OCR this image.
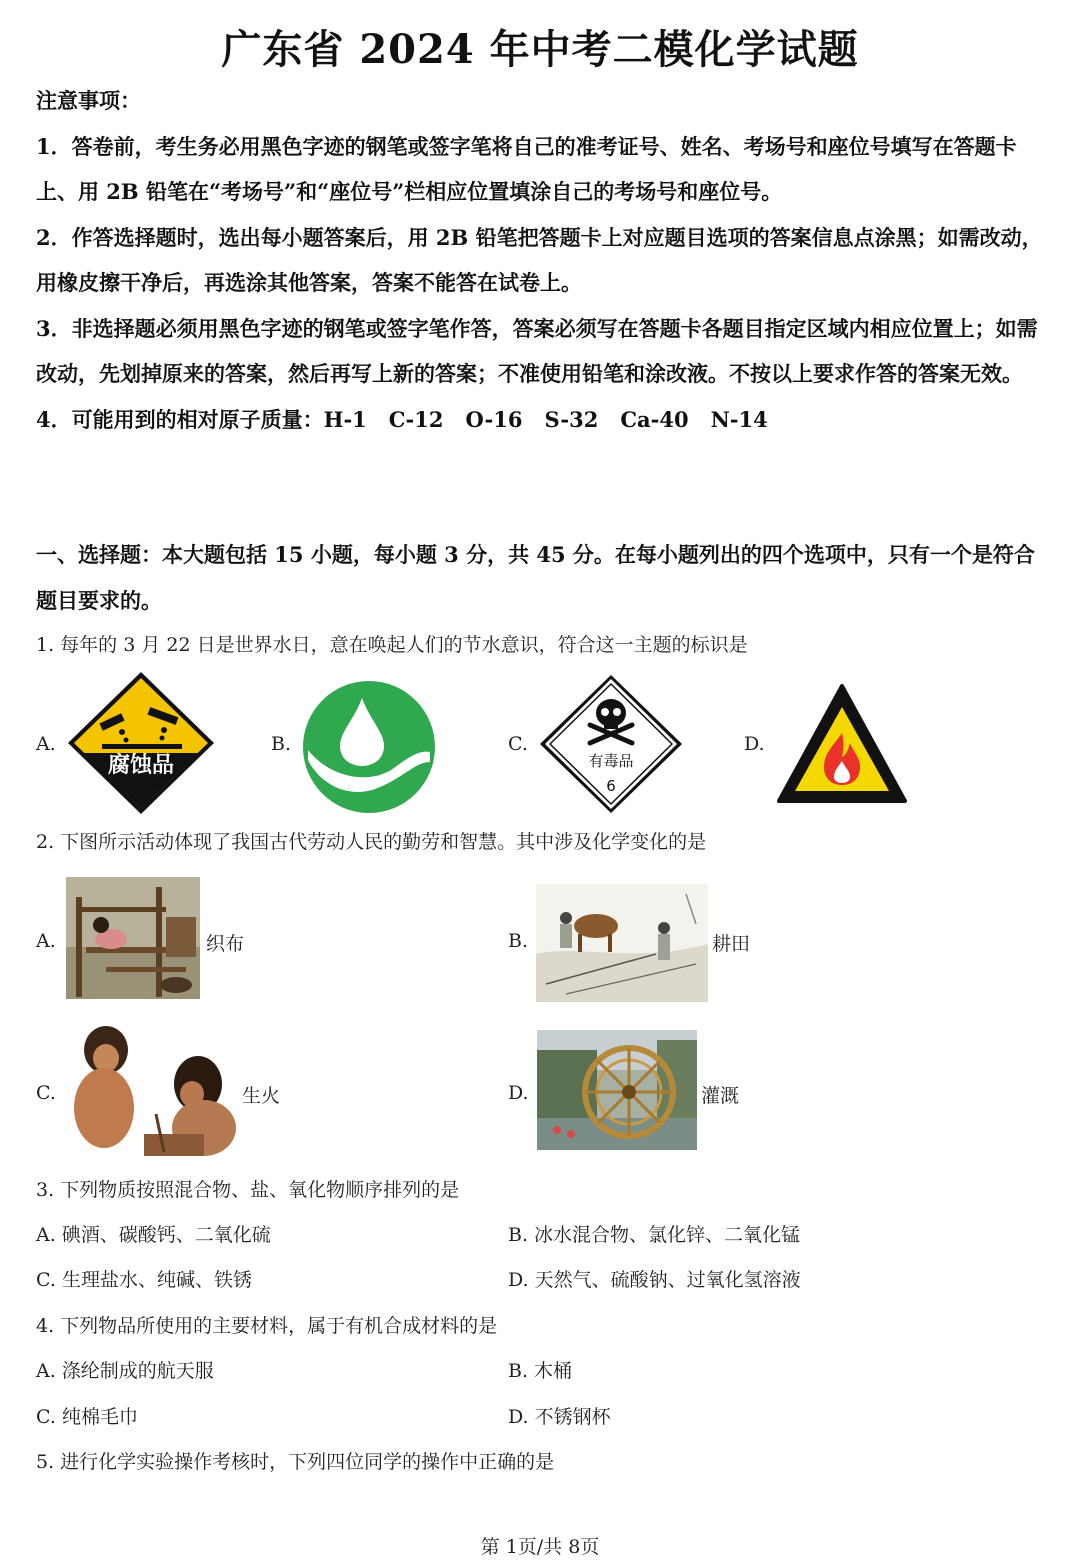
广东省 2024 年中考二模化学试题
注意事项：
1．答卷前，考生务必用黑色字迹的钢笔或签字笔将自己的准考证号、姓名、考场号和座位号填写在答题卡上、用 2B 铅笔在“考场号”和“座位号”栏相应位置填涂自己的考场号和座位号。
2．作答选择题时，选出每小题答案后，用 2B 铅笔把答题卡上对应题目选项的答案信息点涂黑；如需改动，用橡皮擦干净后，再选涂其他答案，答案不能答在试卷上。
3．非选择题必须用黑色字迹的钢笔或签字笔作答，答案必须写在答题卡各题目指定区域内相应位置上；如需改动，先划掉原来的答案，然后再写上新的答案；不准使用铅笔和涂改液。不按以上要求作答的答案无效。
4．可能用到的相对原子质量：H-1 C-12 O-16 S-32 Ca-40 N-14
一、选择题：本大题包括 15 小题，每小题 3 分，共 45 分。在每小题列出的四个选项中，只有一个是符合题目要求的。
1. 每年的 3 月 22 日是世界水日，意在唤起人们的节水意识，符合这一主题的标识是
A.
腐蚀品
B.	C.
有毒品
6
D.
2. 下图所示活动体现了我国古代劳动人民的勤劳和智慧。其中涉及化学变化的是
A.	织布	B.	耕田
C.	生火	D.	灌溉
3. 下列物质按照混合物、盐、氧化物顺序排列的是
A. 碘酒、碳酸钙、二氧化硫	B. 冰水混合物、氯化锌、二氧化锰
C. 生理盐水、纯碱、铁锈	D. 天然气、硫酸钠、过氧化氢溶液
4. 下列物品所使用的主要材料，属于有机合成材料的是
A. 涤纶制成的航天服	B. 木桶
C. 纯棉毛巾	D. 不锈钢杯
5. 进行化学实验操作考核时，下列四位同学的操作中正确的是
第 1页/共 8页
